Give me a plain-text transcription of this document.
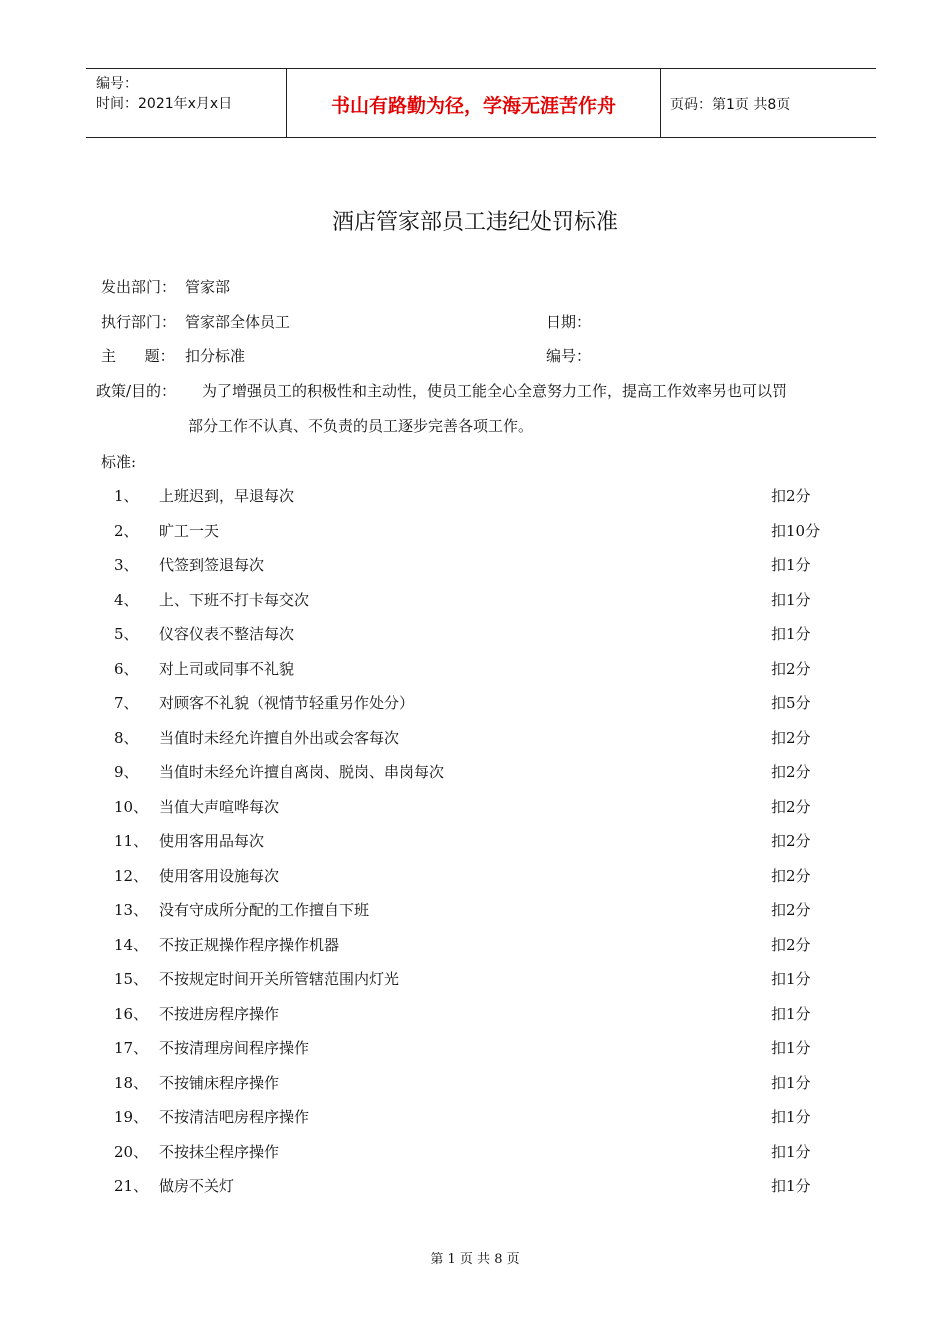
编号：
时间：2021年x月x日	书山有路勤为径，学海无涯苦作舟	页码：第1页 共8页
酒店管家部员工违纪处罚标准
发出部门： 管家部
执行部门： 管家部全体员工	日期：
主      题： 扣分标准	编号：
政策/目的： 为了增强员工的积极性和主动性，使员工能全心全意努力工作，提高工作效率另也可以罚
部分工作不认真、不负责的员工逐步完善各项工作。
标准:
1、	上班迟到，早退每次	扣2分
2、	旷工一天	扣10分
3、	代签到签退每次	扣1分
4、	上、下班不打卡每交次	扣1分
5、	仪容仪表不整洁每次	扣1分
6、	对上司或同事不礼貌	扣2分
7、	对顾客不礼貌（视情节轻重另作处分）	扣5分
8、	当值时未经允许擅自外出或会客每次	扣2分
9、	当值时未经允许擅自离岗、脱岗、串岗每次	扣2分
10、 当值大声喧哗每次	扣2分
11、 使用客用品每次	扣2分
12、 使用客用设施每次	扣2分
13、 没有守成所分配的工作擅自下班	扣2分
14、 不按正规操作程序操作机器	扣2分
15、 不按规定时间开关所管辖范围内灯光	扣1分
16、 不按进房程序操作	扣1分
17、 不按清理房间程序操作	扣1分
18、 不按铺床程序操作	扣1分
19、 不按清洁吧房程序操作	扣1分
20、 不按抹尘程序操作	扣1分
21、 做房不关灯	扣1分
第 1 页 共 8 页
